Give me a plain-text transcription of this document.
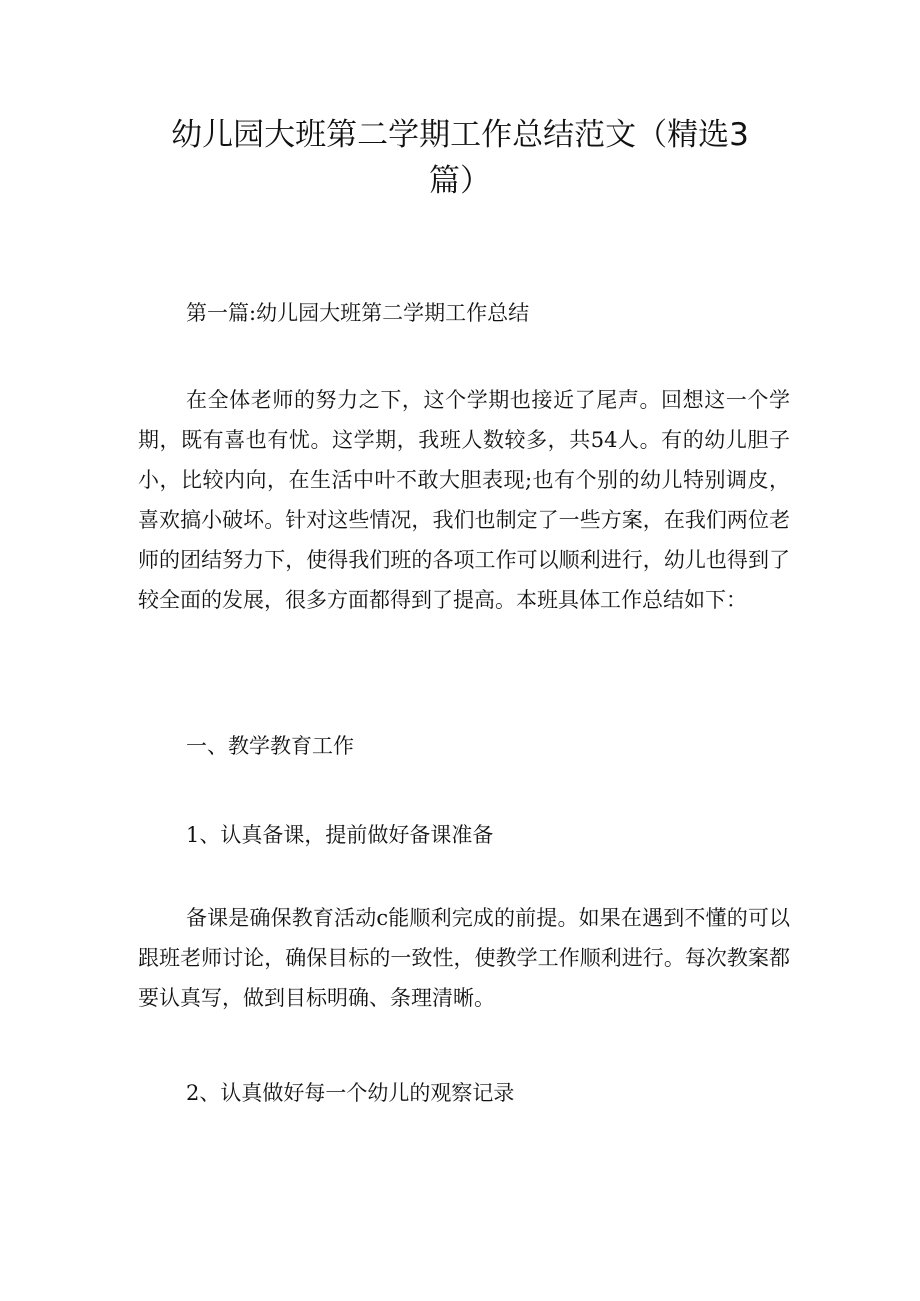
幼儿园大班第二学期工作总结范文（精选3篇）

第一篇:幼儿园大班第二学期工作总结

在全体老师的努力之下，这个学期也接近了尾声。回想这一个学期，既有喜也有忧。这学期，我班人数较多，共54人。有的幼儿胆子小，比较内向，在生活中叶不敢大胆表现;也有个别的幼儿特别调皮，喜欢搞小破坏。针对这些情况，我们也制定了一些方案，在我们两位老师的团结努力下，使得我们班的各项工作可以顺利进行，幼儿也得到了较全面的发展，很多方面都得到了提高。本班具体工作总结如下：

一、教学教育工作

1、认真备课，提前做好备课准备

备课是确保教育活动c能顺利完成的前提。如果在遇到不懂的可以跟班老师讨论，确保目标的一致性，使教学工作顺利进行。每次教案都要认真写，做到目标明确、条理清晰。

2、认真做好每一个幼儿的观察记录
